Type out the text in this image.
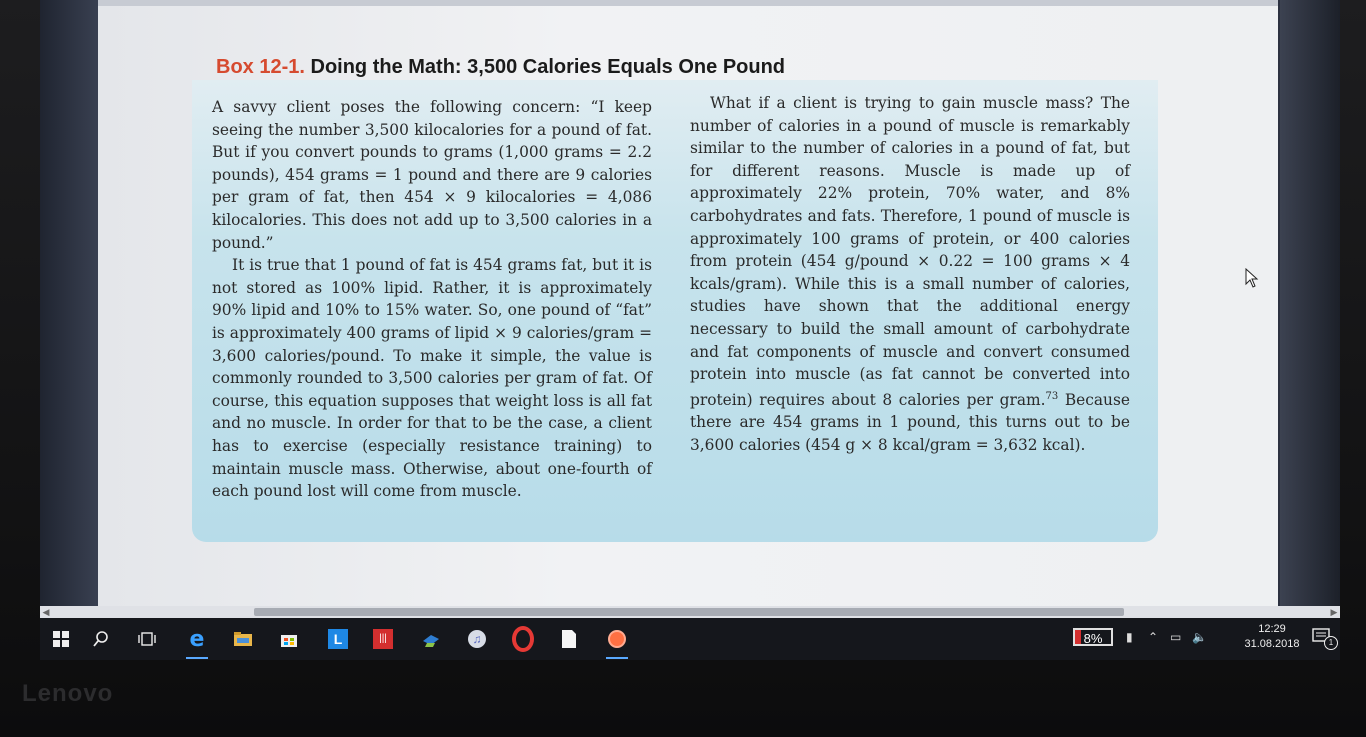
Box 12-1. Doing the Math: 3,500 Calories Equals One Pound

A savvy client poses the following concern: “I keep seeing the number 3,500 kilocalories for a pound of fat. But if you convert pounds to grams (1,000 grams = 2.2 pounds), 454 grams = 1 pound and there are 9 calories per gram of fat, then 454 × 9 kilocalories = 4,086 kilocalories. This does not add up to 3,500 calories in a pound.”

It is true that 1 pound of fat is 454 grams fat, but it is not stored as 100% lipid. Rather, it is approximately 90% lipid and 10% to 15% water. So, one pound of “fat” is approximately 400 grams of lipid × 9 calories/gram = 3,600 calories/pound. To make it simple, the value is commonly rounded to 3,500 calories per gram of fat. Of course, this equation supposes that weight loss is all fat and no muscle. In order for that to be the case, a client has to exercise (especially resistance training) to maintain muscle mass. Otherwise, about one-fourth of each pound lost will come from muscle.

What if a client is trying to gain muscle mass? The number of calories in a pound of muscle is remarkably similar to the number of calories in a pound of fat, but for different reasons. Muscle is made up of approximately 22% protein, 70% water, and 8% carbohydrates and fats. Therefore, 1 pound of muscle is approximately 100 grams of protein, or 400 calories from protein (454 g/pound × 0.22 = 100 grams × 4 kcals/gram). While this is a small number of calories, studies have shown that the additional energy necessary to build the small amount of carbohydrate and fat components of muscle and convert consumed protein into muscle (as fat cannot be converted into protein) requires about 8 calories per gram.$^{73}$ Because there are 454 grams in 1 pound, this turns out to be 3,600 calories (454 g × 8 kcal/gram = 3,632 kcal).

◀	▶
e	L	|||	♫	8%	▮ ⌃ ▭ 🔈
12:29
31.08.2018	1
Lenovo
